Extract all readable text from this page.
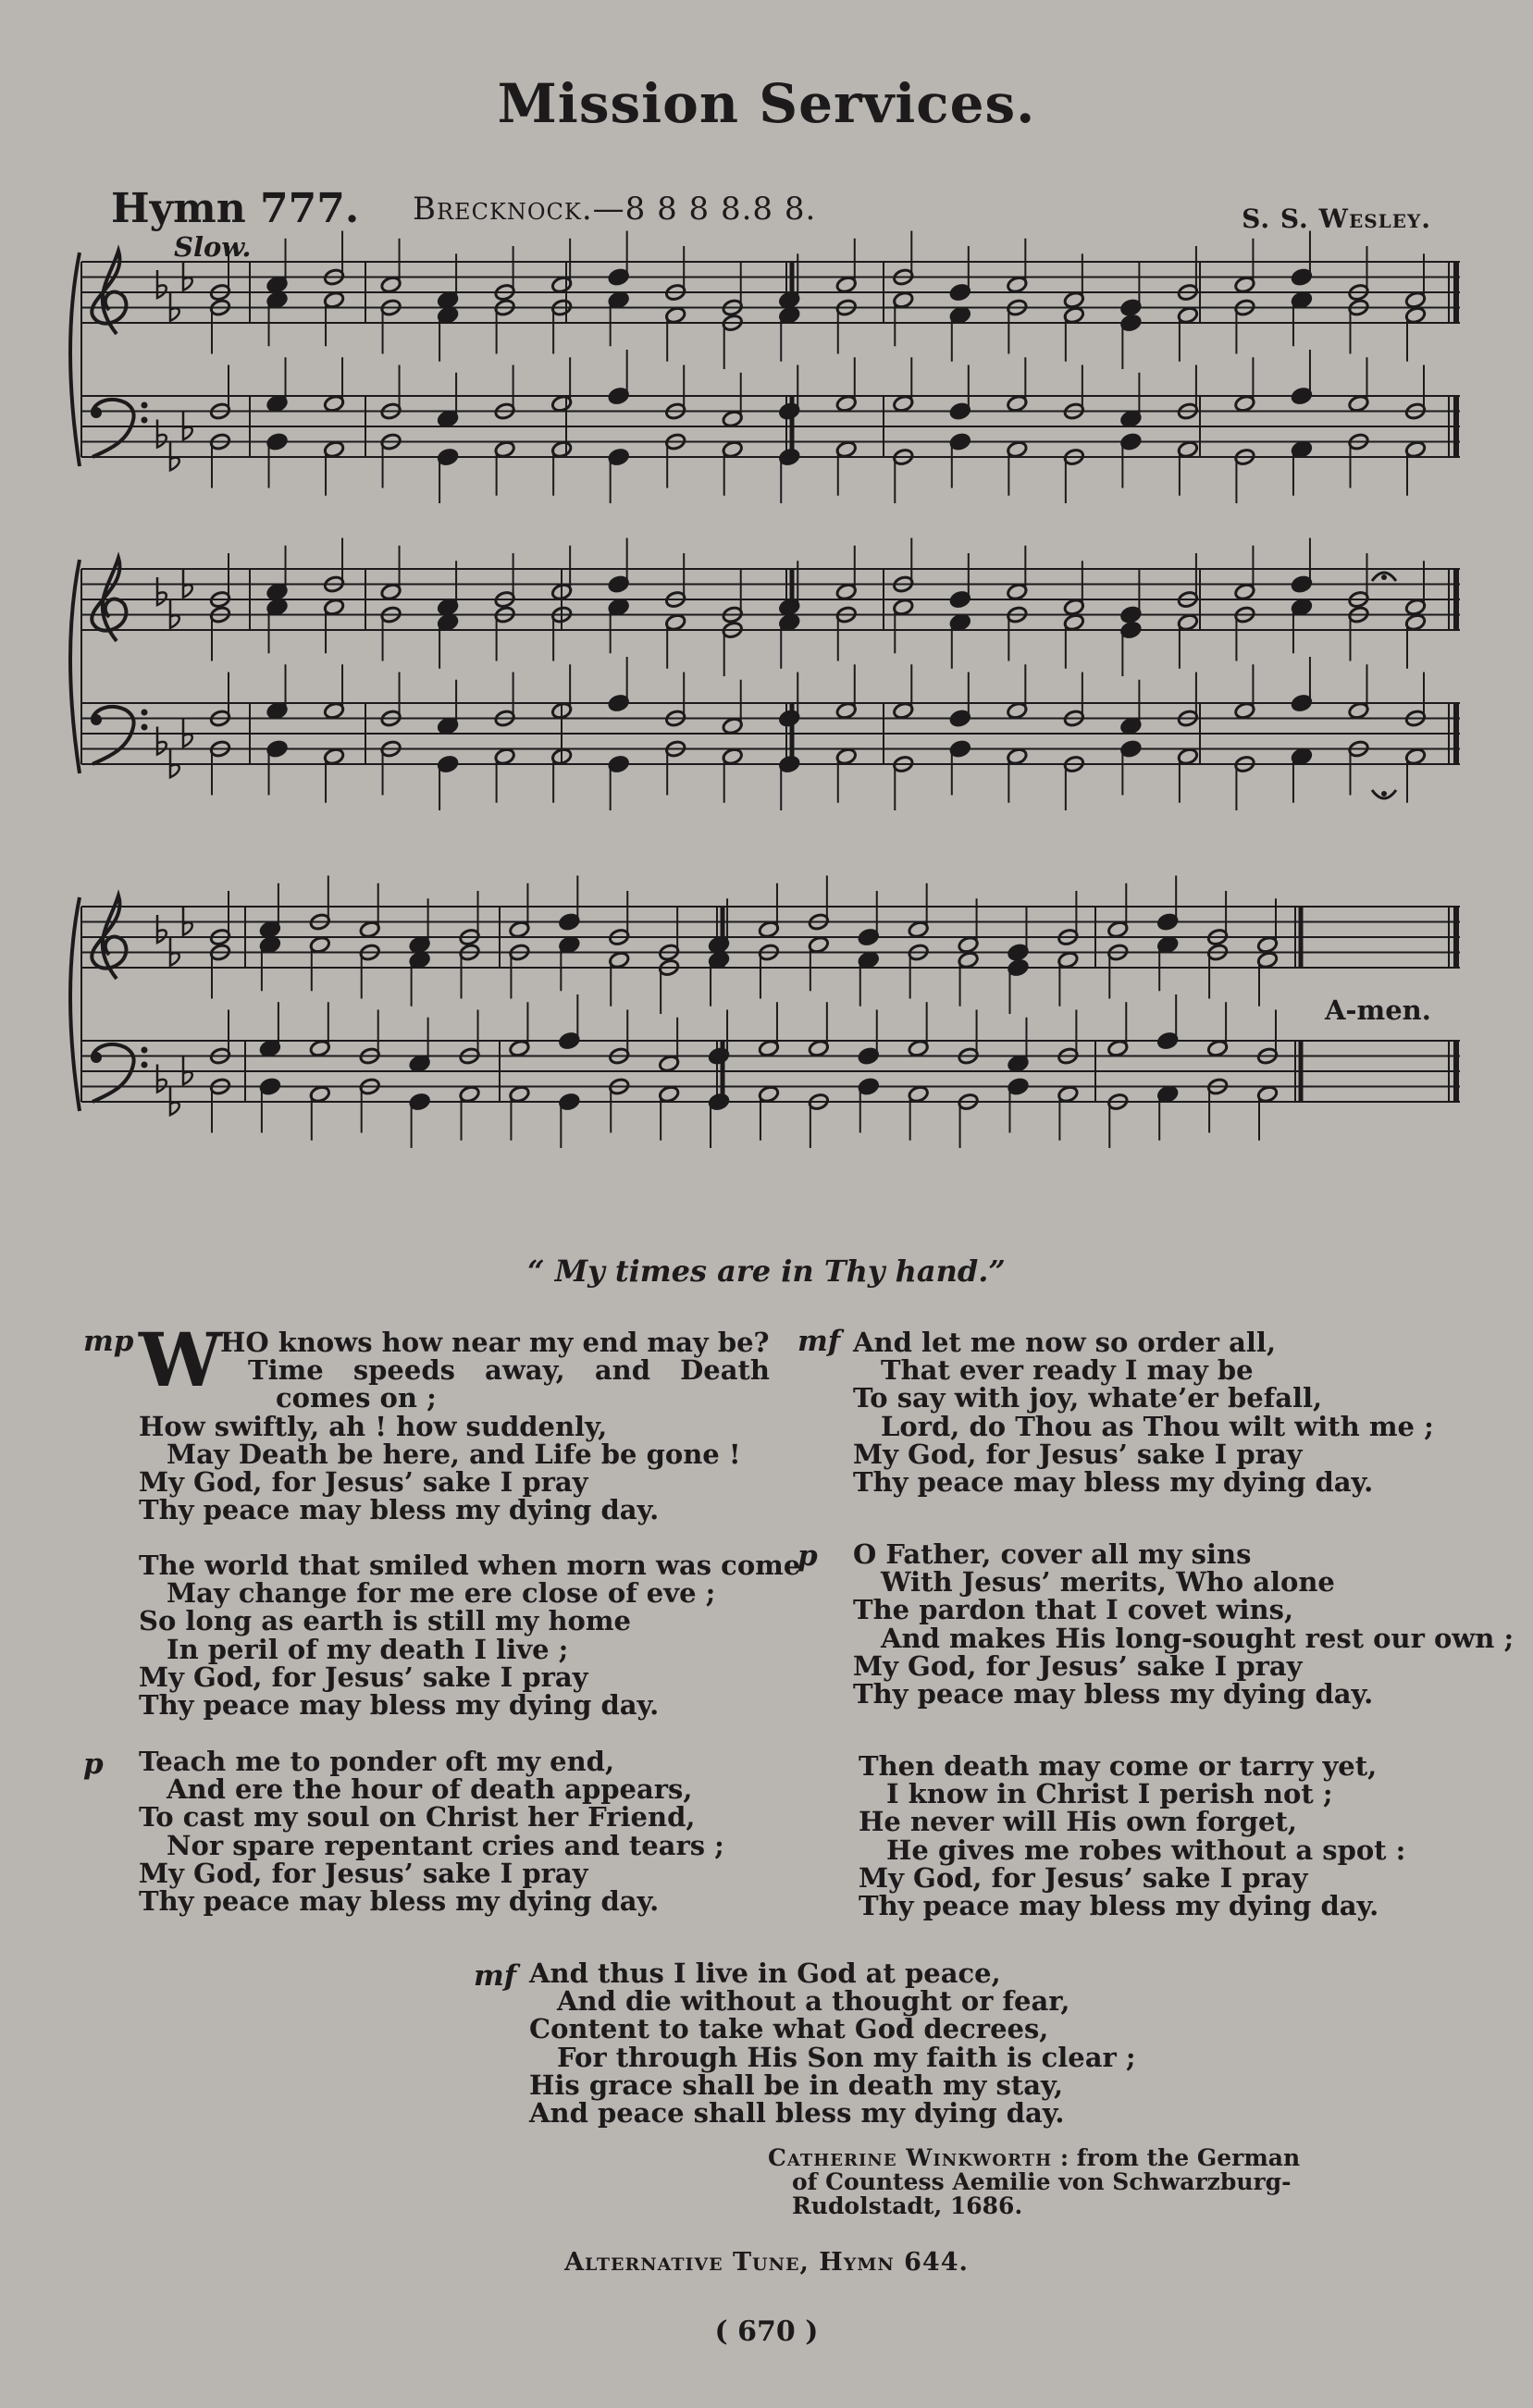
Mission Services.
Hymn 777. Brecknock.—8 8 8 8.8 8.	S. S. Wesley.
Slow.
A-men.
“ My times are in Thy hand.”
mp W
HO knows how near my end may be?
Time speeds away, and Death
comes on ;
How swiftly, ah ! how suddenly,
May Death be here, and Life be gone !
My God, for Jesus’ sake I pray
Thy peace may bless my dying day.
The world that smiled when morn was come
May change for me ere close of eve ;
So long as earth is still my home
In peril of my death I live ;
My God, for Jesus’ sake I pray
Thy peace may bless my dying day.
p Teach me to ponder oft my end,
And ere the hour of death appears,
To cast my soul on Christ her Friend,
Nor spare repentant cries and tears ;
My God, for Jesus’ sake I pray
Thy peace may bless my dying day.
mf And let me now so order all,
That ever ready I may be
To say with joy, whate’er befall,
Lord, do Thou as Thou wilt with me ;
My God, for Jesus’ sake I pray
Thy peace may bless my dying day.
p O Father, cover all my sins
With Jesus’ merits, Who alone
The pardon that I covet wins,
And makes His long-sought rest our own ;
My God, for Jesus’ sake I pray
Thy peace may bless my dying day.
Then death may come or tarry yet,
I know in Christ I perish not ;
He never will His own forget,
He gives me robes without a spot :
My God, for Jesus’ sake I pray
Thy peace may bless my dying day.
mf And thus I live in God at peace,
And die without a thought or fear,
Content to take what God decrees,
For through His Son my faith is clear ;
His grace shall be in death my stay,
And peace shall bless my dying day.
Catherine Winkworth : from the German
of Countess Aemilie von Schwarzburg-
Rudolstadt, 1686.
Alternative Tune, Hymn 644.
( 670 )
